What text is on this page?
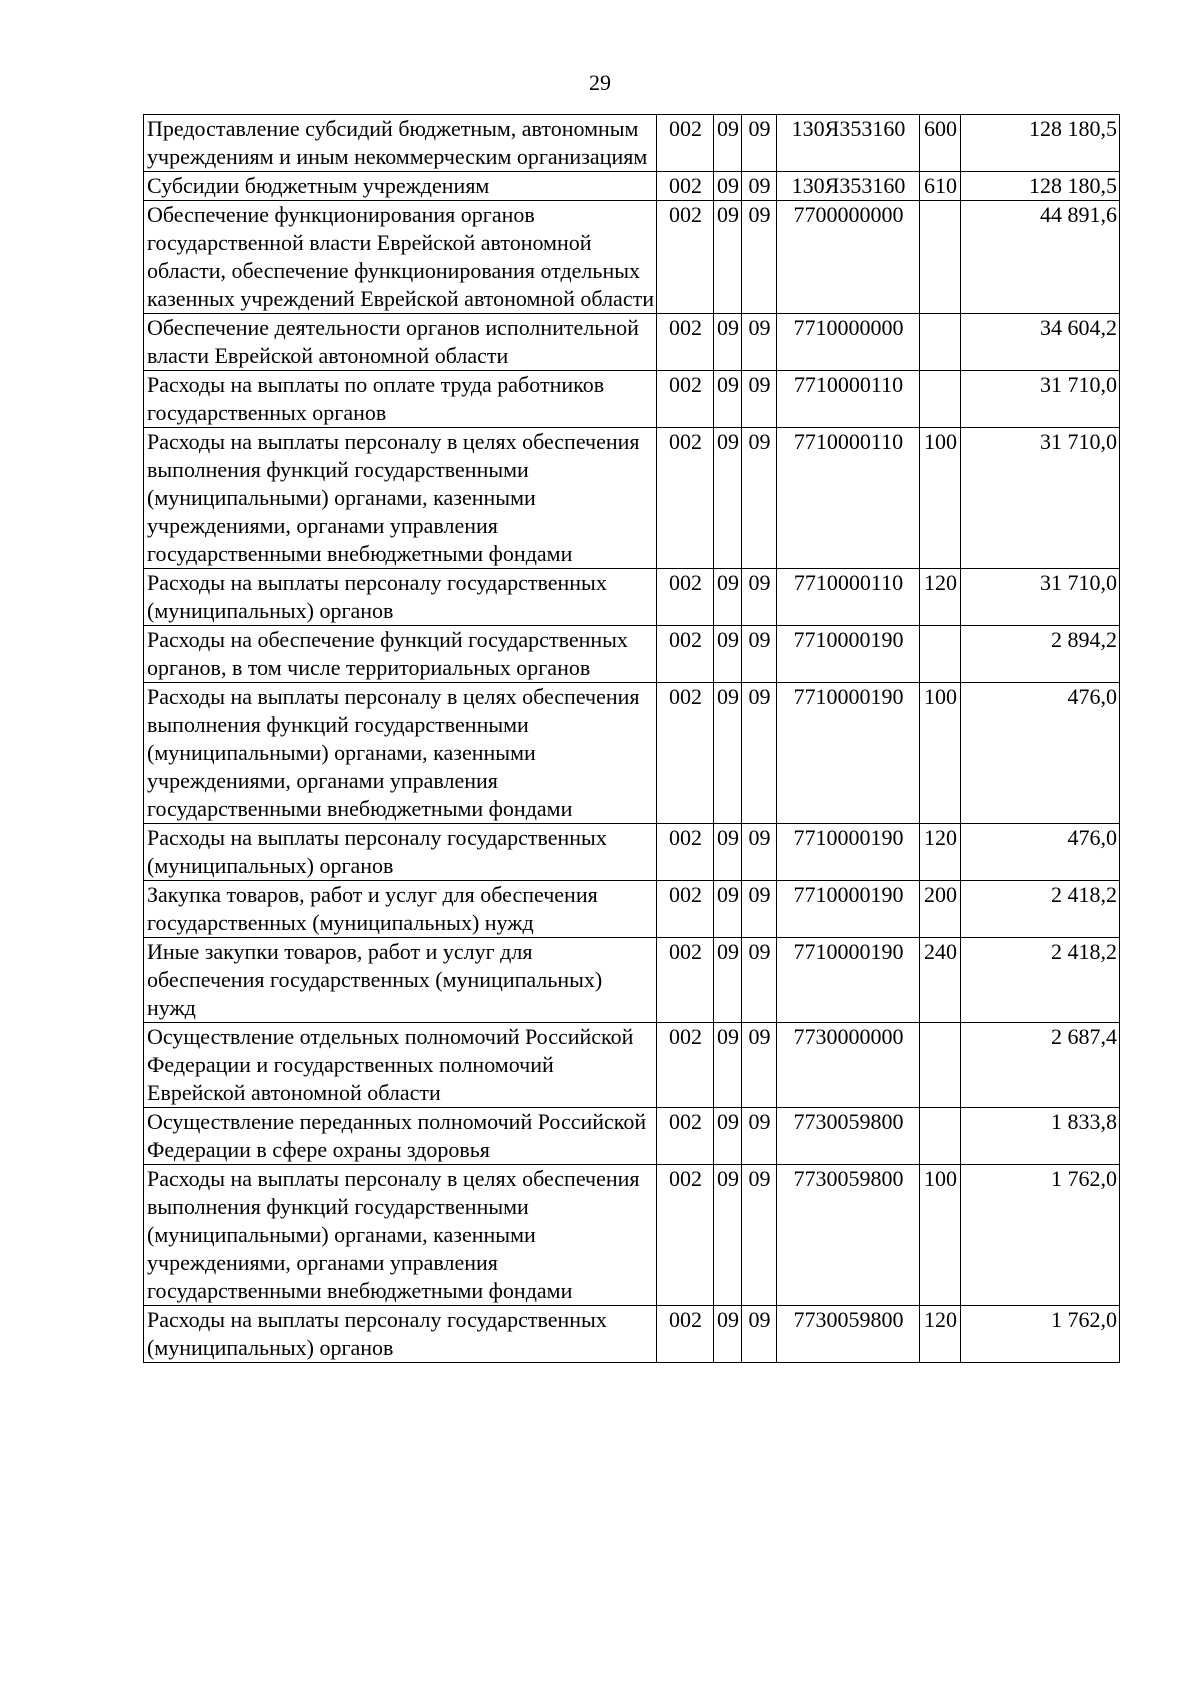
29
Предоставление субсидий бюджетным, автономным учреждениям и иным некоммерческим организациям	002	09	09	130Я353160	600	128 180,5
Субсидии бюджетным учреждениям	002	09	09	130Я353160	610	128 180,5
Обеспечение функционирования органов государственной власти Еврейской автономной области, обеспечение функционирования отдельных казенных учреждений Еврейской автономной области	002	09	09	7700000000		44 891,6
Обеспечение деятельности органов исполнительной власти Еврейской автономной области	002	09	09	7710000000		34 604,2
Расходы на выплаты по оплате труда работников государственных органов	002	09	09	7710000110		31 710,0
Расходы на выплаты персоналу в целях обеспечения выполнения функций государственными (муниципальными) органами, казенными учреждениями, органами управления государственными внебюджетными фондами	002	09	09	7710000110	100	31 710,0
Расходы на выплаты персоналу государственных (муниципальных) органов	002	09	09	7710000110	120	31 710,0
Расходы на обеспечение функций государственных органов, в том числе территориальных органов	002	09	09	7710000190		2 894,2
Расходы на выплаты персоналу в целях обеспечения выполнения функций государственными (муниципальными) органами, казенными учреждениями, органами управления государственными внебюджетными фондами	002	09	09	7710000190	100	476,0
Расходы на выплаты персоналу государственных (муниципальных) органов	002	09	09	7710000190	120	476,0
Закупка товаров, работ и услуг для обеспечения государственных (муниципальных) нужд	002	09	09	7710000190	200	2 418,2
Иные закупки товаров, работ и услуг для обеспечения государственных (муниципальных) нужд	002	09	09	7710000190	240	2 418,2
Осуществление отдельных полномочий Российской Федерации и государственных полномочий Еврейской автономной области	002	09	09	7730000000		2 687,4
Осуществление переданных полномочий Российской Федерации в сфере охраны здоровья	002	09	09	7730059800		1 833,8
Расходы на выплаты персоналу в целях обеспечения выполнения функций государственными (муниципальными) органами, казенными учреждениями, органами управления государственными внебюджетными фондами	002	09	09	7730059800	100	1 762,0
Расходы на выплаты персоналу государственных (муниципальных) органов	002	09	09	7730059800	120	1 762,0
